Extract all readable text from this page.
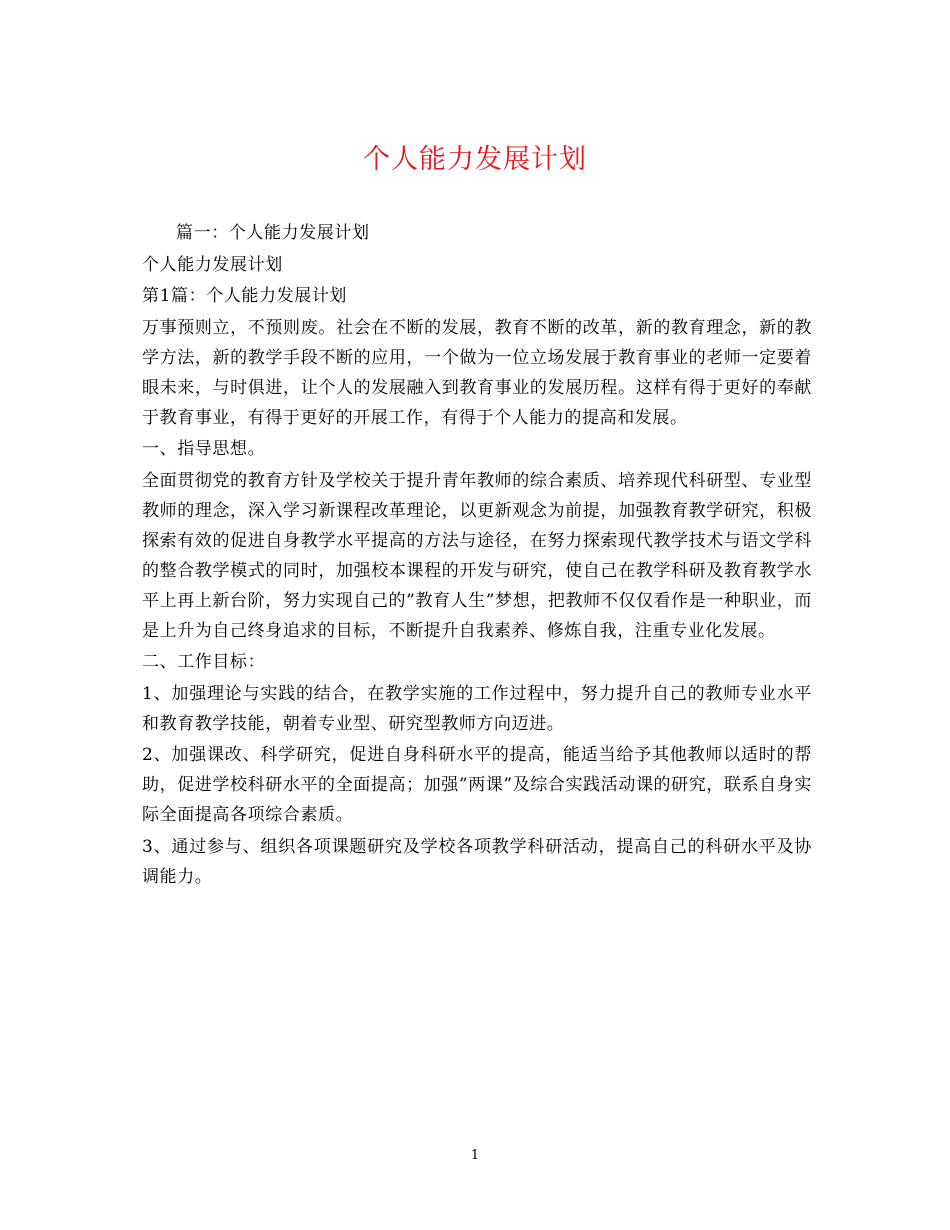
个人能力发展计划

篇一：个人能力发展计划

个人能力发展计划

第1篇：个人能力发展计划

万事预则立，不预则废。社会在不断的发展，教育不断的改革，新的教育理念，新的教学方法，新的教学手段不断的应用，一个做为一位立场发展于教育事业的老师一定要着眼未来，与时俱进，让个人的发展融入到教育事业的发展历程。这样有得于更好的奉献于教育事业，有得于更好的开展工作，有得于个人能力的提高和发展。

一、指导思想。

全面贯彻党的教育方针及学校关于提升青年教师的综合素质、培养现代科研型、专业型教师的理念，深入学习新课程改革理论，以更新观念为前提，加强教育教学研究，积极探索有效的促进自身教学水平提高的方法与途径，在努力探索现代教学技术与语文学科的整合教学模式的同时，加强校本课程的开发与研究，使自己在教学科研及教育教学水平上再上新台阶，努力实现自己的”教育人生”梦想，把教师不仅仅看作是一种职业，而是上升为自己终身追求的目标，不断提升自我素养、修炼自我，注重专业化发展。

二、工作目标：

1、加强理论与实践的结合，在教学实施的工作过程中，努力提升自己的教师专业水平和教育教学技能，朝着专业型、研究型教师方向迈进。

2、加强课改、科学研究，促进自身科研水平的提高，能适当给予其他教师以适时的帮助，促进学校科研水平的全面提高；加强”两课”及综合实践活动课的研究，联系自身实际全面提高各项综合素质。

3、通过参与、组织各项课题研究及学校各项教学科研活动，提高自己的科研水平及协调能力。

1
